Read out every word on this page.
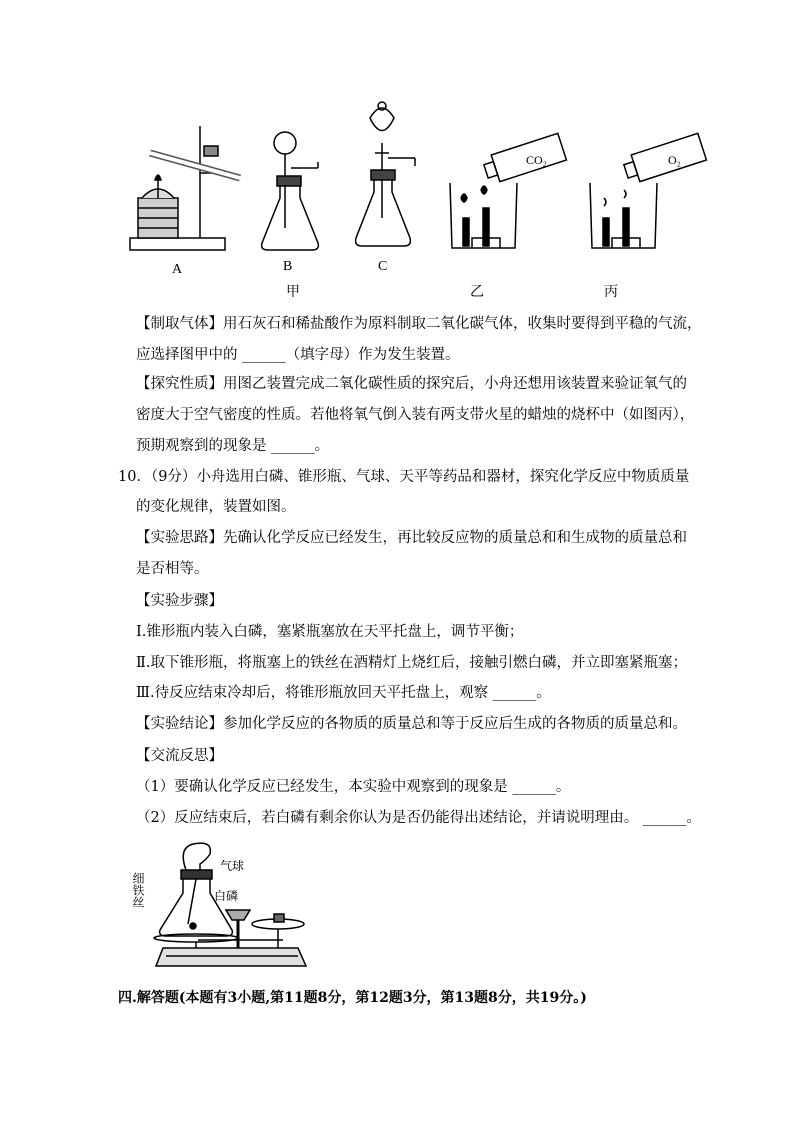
CO₂	O₂
A	B	C
甲	乙	丙
【制取气体】用石灰石和稀盐酸作为原料制取二氧化碳气体，收集时要得到平稳的气流，
应选择图甲中的 ______（填字母）作为发生装置。
【探究性质】用图乙装置完成二氧化碳性质的探究后，小舟还想用该装置来验证氧气的
密度大于空气密度的性质。若他将氧气倒入装有两支带火星的蜡烛的烧杯中（如图丙），
预期观察到的现象是 ______。
10．（9分）小舟选用白磷、锥形瓶、气球、天平等药品和器材，探究化学反应中物质质量
的变化规律，装置如图。
【实验思路】先确认化学反应已经发生，再比较反应物的质量总和和生成物的质量总和
是否相等。
【实验步骤】
Ⅰ.锥形瓶内装入白磷，塞紧瓶塞放在天平托盘上，调节平衡；
Ⅱ.取下锥形瓶，将瓶塞上的铁丝在酒精灯上烧红后，接触引燃白磷，并立即塞紧瓶塞；
Ⅲ.待反应结束冷却后，将锥形瓶放回天平托盘上，观察 ______。
【实验结论】参加化学反应的各物质的质量总和等于反应后生成的各物质的质量总和。
【交流反思】
（1）要确认化学反应已经发生，本实验中观察到的现象是 ______。
（2）反应结束后，若白磷有剩余你认为是否仍能得出述结论，并请说明理由。 ______。
气球
白磷
细铁丝
四.解答题(本题有3小题,第11题8分，第12题3分，第13题8分，共19分。)
